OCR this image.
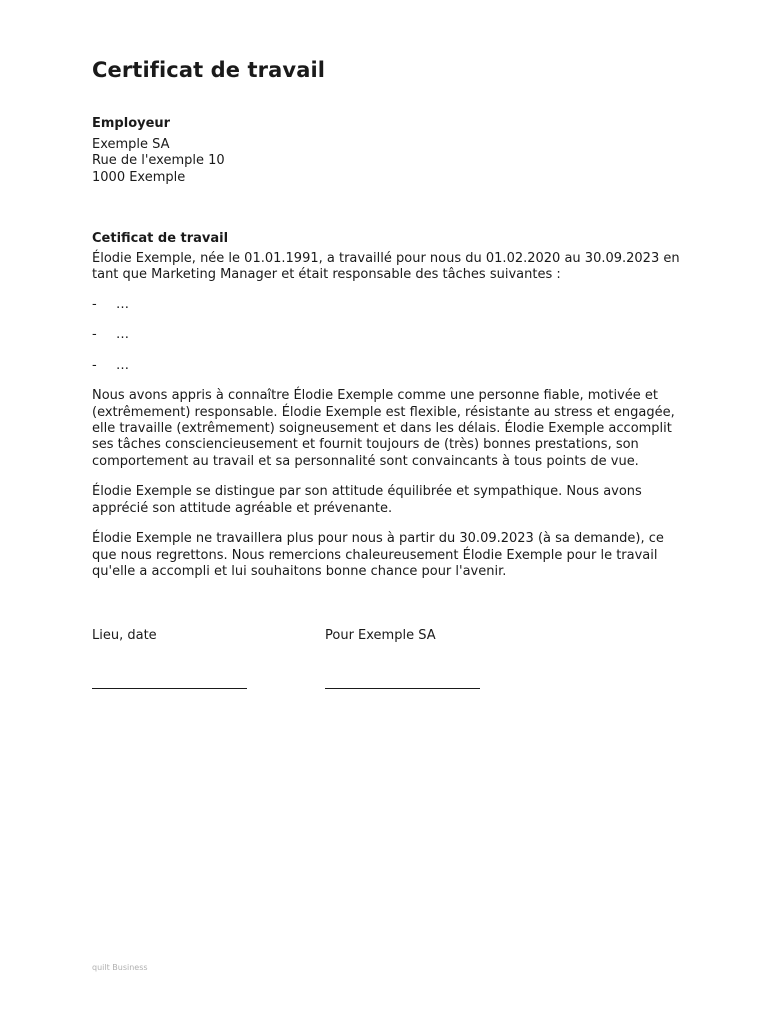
Certificat de travail
Employeur
Exemple SA
Rue de l'exemple 10
1000 Exemple
Cetificat de travail

Élodie Exemple, née le 01.01.1991, a travaillé pour nous du 01.02.2020 au 30.09.2023 en tant que Marketing Manager et était responsable des tâches suivantes :

- …
- …
- …

Nous avons appris à connaître Élodie Exemple comme une personne fiable, motivée et (extrêmement) responsable. Élodie Exemple est flexible, résistante au stress et engagée, elle travaille (extrêmement) soigneusement et dans les délais. Élodie Exemple accomplit ses tâches consciencieusement et fournit toujours de (très) bonnes prestations, son comportement au travail et sa personnalité sont convaincants à tous points de vue.

Élodie Exemple se distingue par son attitude équilibrée et sympathique. Nous avons apprécié son attitude agréable et prévenante.

Élodie Exemple ne travaillera plus pour nous à partir du 30.09.2023 (à sa demande), ce que nous regrettons. Nous remercions chaleureusement Élodie Exemple pour le travail qu'elle a accompli et lui souhaitons bonne chance pour l'avenir.

Lieu, date	Pour Exemple SA
quilt Business
